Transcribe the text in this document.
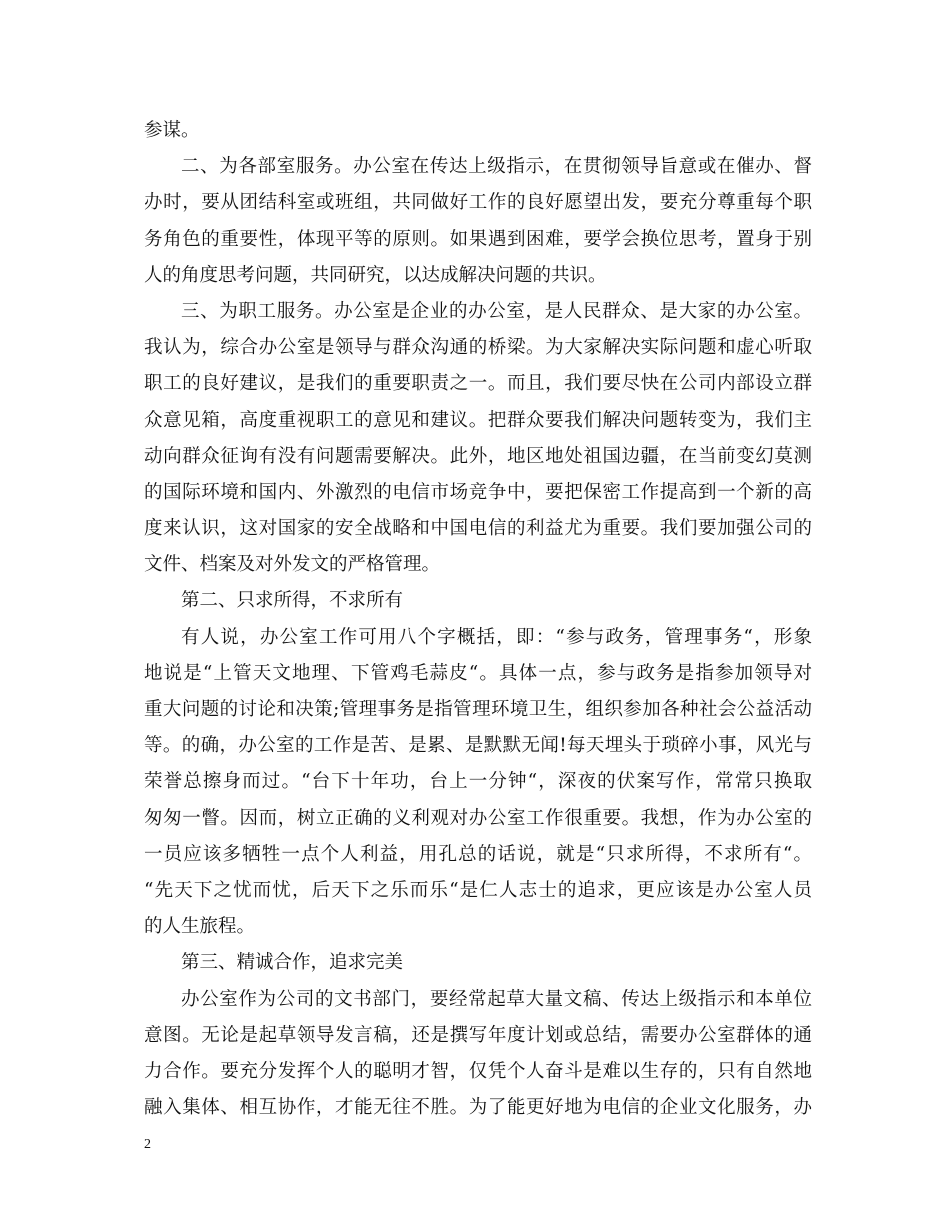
参谋。
二、为各部室服务。办公室在传达上级指示，在贯彻领导旨意或在催办、督
办时，要从团结科室或班组，共同做好工作的良好愿望出发，要充分尊重每个职
务角色的重要性，体现平等的原则。如果遇到困难，要学会换位思考，置身于别
人的角度思考问题，共同研究，以达成解决问题的共识。
三、为职工服务。办公室是企业的办公室，是人民群众、是大家的办公室。
我认为，综合办公室是领导与群众沟通的桥梁。为大家解决实际问题和虚心听取
职工的良好建议，是我们的重要职责之一。而且，我们要尽快在公司内部设立群
众意见箱，高度重视职工的意见和建议。把群众要我们解决问题转变为，我们主
动向群众征询有没有问题需要解决。此外，地区地处祖国边疆，在当前变幻莫测
的国际环境和国内、外激烈的电信市场竞争中，要把保密工作提高到一个新的高
度来认识，这对国家的安全战略和中国电信的利益尤为重要。我们要加强公司的
文件、档案及对外发文的严格管理。
第二、只求所得，不求所有
有人说，办公室工作可用八个字概括，即：“参与政务，管理事务“，形象
地说是“上管天文地理、下管鸡毛蒜皮“。具体一点，参与政务是指参加领导对
重大问题的讨论和决策;管理事务是指管理环境卫生，组织参加各种社会公益活动
等。的确，办公室的工作是苦、是累、是默默无闻!每天埋头于琐碎小事，风光与
荣誉总擦身而过。“台下十年功，台上一分钟“，深夜的伏案写作，常常只换取
匆匆一瞥。因而，树立正确的义利观对办公室工作很重要。我想，作为办公室的
一员应该多牺牲一点个人利益，用孔总的话说，就是“只求所得，不求所有“。
“先天下之忧而忧，后天下之乐而乐“是仁人志士的追求，更应该是办公室人员
的人生旅程。
第三、精诚合作，追求完美
办公室作为公司的文书部门，要经常起草大量文稿、传达上级指示和本单位
意图。无论是起草领导发言稿，还是撰写年度计划或总结，需要办公室群体的通
力合作。要充分发挥个人的聪明才智，仅凭个人奋斗是难以生存的，只有自然地
融入集体、相互协作，才能无往不胜。为了能更好地为电信的企业文化服务，办
2
